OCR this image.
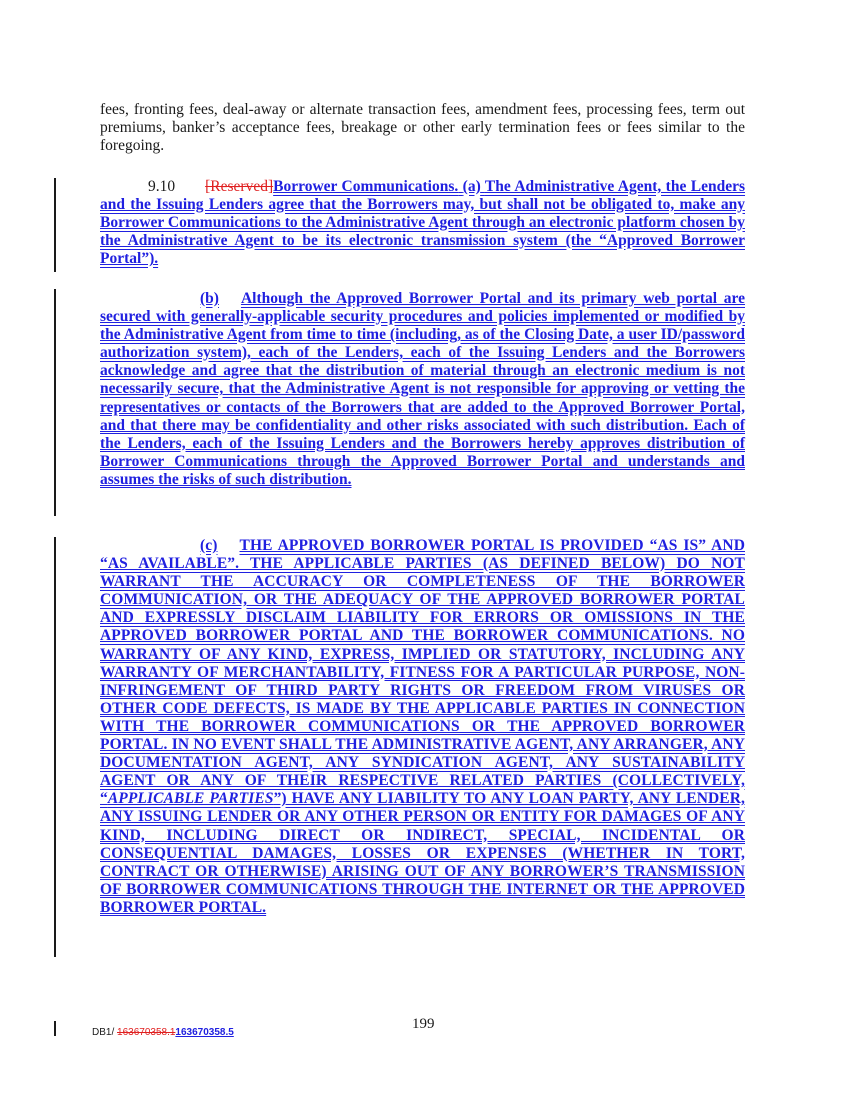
fees, fronting fees, deal-away or alternate transaction fees, amendment fees, processing fees, term out premiums, banker’s acceptance fees, breakage or other early termination fees or fees similar to the foregoing.
9.10 [Reserved]Borrower Communications. (a) The Administrative Agent, the Lenders and the Issuing Lenders agree that the Borrowers may, but shall not be obligated to, make any Borrower Communications to the Administrative Agent through an electronic platform chosen by the Administrative Agent to be its electronic transmission system (the “Approved Borrower Portal”).
(b) Although the Approved Borrower Portal and its primary web portal are secured with generally-applicable security procedures and policies implemented or modified by the Administrative Agent from time to time (including, as of the Closing Date, a user ID/password authorization system), each of the Lenders, each of the Issuing Lenders and the Borrowers acknowledge and agree that the distribution of material through an electronic medium is not necessarily secure, that the Administrative Agent is not responsible for approving or vetting the representatives or contacts of the Borrowers that are added to the Approved Borrower Portal, and that there may be confidentiality and other risks associated with such distribution. Each of the Lenders, each of the Issuing Lenders and the Borrowers hereby approves distribution of Borrower Communications through the Approved Borrower Portal and understands and assumes the risks of such distribution.
(c) THE APPROVED BORROWER PORTAL IS PROVIDED “AS IS” AND “AS AVAILABLE”. THE APPLICABLE PARTIES (AS DEFINED BELOW) DO NOT WARRANT THE ACCURACY OR COMPLETENESS OF THE BORROWER COMMUNICATION, OR THE ADEQUACY OF THE APPROVED BORROWER PORTAL AND EXPRESSLY DISCLAIM LIABILITY FOR ERRORS OR OMISSIONS IN THE APPROVED BORROWER PORTAL AND THE BORROWER COMMUNICATIONS. NO WARRANTY OF ANY KIND, EXPRESS, IMPLIED OR STATUTORY, INCLUDING ANY WARRANTY OF MERCHANTABILITY, FITNESS FOR A PARTICULAR PURPOSE, NON-INFRINGEMENT OF THIRD PARTY RIGHTS OR FREEDOM FROM VIRUSES OR OTHER CODE DEFECTS, IS MADE BY THE APPLICABLE PARTIES IN CONNECTION WITH THE BORROWER COMMUNICATIONS OR THE APPROVED BORROWER PORTAL. IN NO EVENT SHALL THE ADMINISTRATIVE AGENT, ANY ARRANGER, ANY DOCUMENTATION AGENT, ANY SYNDICATION AGENT, ANY SUSTAINABILITY AGENT OR ANY OF THEIR RESPECTIVE RELATED PARTIES (COLLECTIVELY, “APPLICABLE PARTIES”) HAVE ANY LIABILITY TO ANY LOAN PARTY, ANY LENDER, ANY ISSUING LENDER OR ANY OTHER PERSON OR ENTITY FOR DAMAGES OF ANY KIND, INCLUDING DIRECT OR INDIRECT, SPECIAL, INCIDENTAL OR CONSEQUENTIAL DAMAGES, LOSSES OR EXPENSES (WHETHER IN TORT, CONTRACT OR OTHERWISE) ARISING OUT OF ANY BORROWER’S TRANSMISSION OF BORROWER COMMUNICATIONS THROUGH THE INTERNET OR THE APPROVED BORROWER PORTAL.
DB1/ 163670358.1163670358.5
199
